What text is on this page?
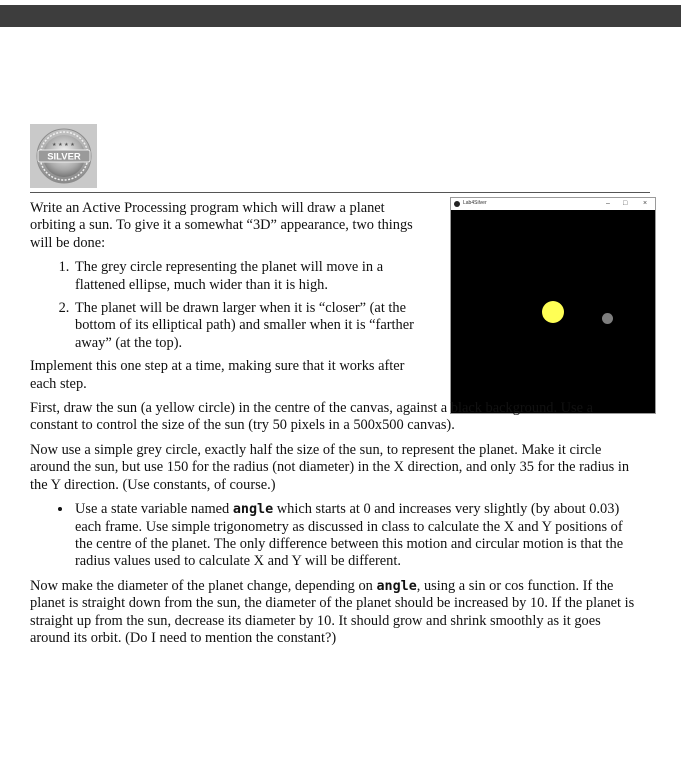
★ ★ ★ ★
SILVER
Lab4Silver	– □ ×

Write an Active Processing program which will draw a planet orbiting a sun. To give it a somewhat “3D” appearance, two things will be done:

1. The grey circle representing the planet will move in a flattened ellipse, much wider than it is high.
2. The planet will be drawn larger when it is “closer” (at the bottom of its elliptical path) and smaller when it is “farther away” (at the top).

Implement this one step at a time, making sure that it works after each step.

First, draw the sun (a yellow circle) in the centre of the canvas, against a black background. Use a constant to control the size of the sun (try 50 pixels in a 500x500 canvas).

Now use a simple grey circle, exactly half the size of the sun, to represent the planet. Make it circle around the sun, but use 150 for the radius (not diameter) in the X direction, and only 35 for the radius in the Y direction. (Use constants, of course.)

• Use a state variable named angle which starts at 0 and increases very slightly (by about 0.03) each frame. Use simple trigonometry as discussed in class to calculate the X and Y positions of the centre of the planet. The only difference between this motion and circular motion is that the radius values used to calculate X and Y will be different.

Now make the diameter of the planet change, depending on angle, using a sin or cos function. If the planet is straight down from the sun, the diameter of the planet should be increased by 10. If the planet is straight up from the sun, decrease its diameter by 10. It should grow and shrink smoothly as it goes around its orbit. (Do I need to mention the constant?)
